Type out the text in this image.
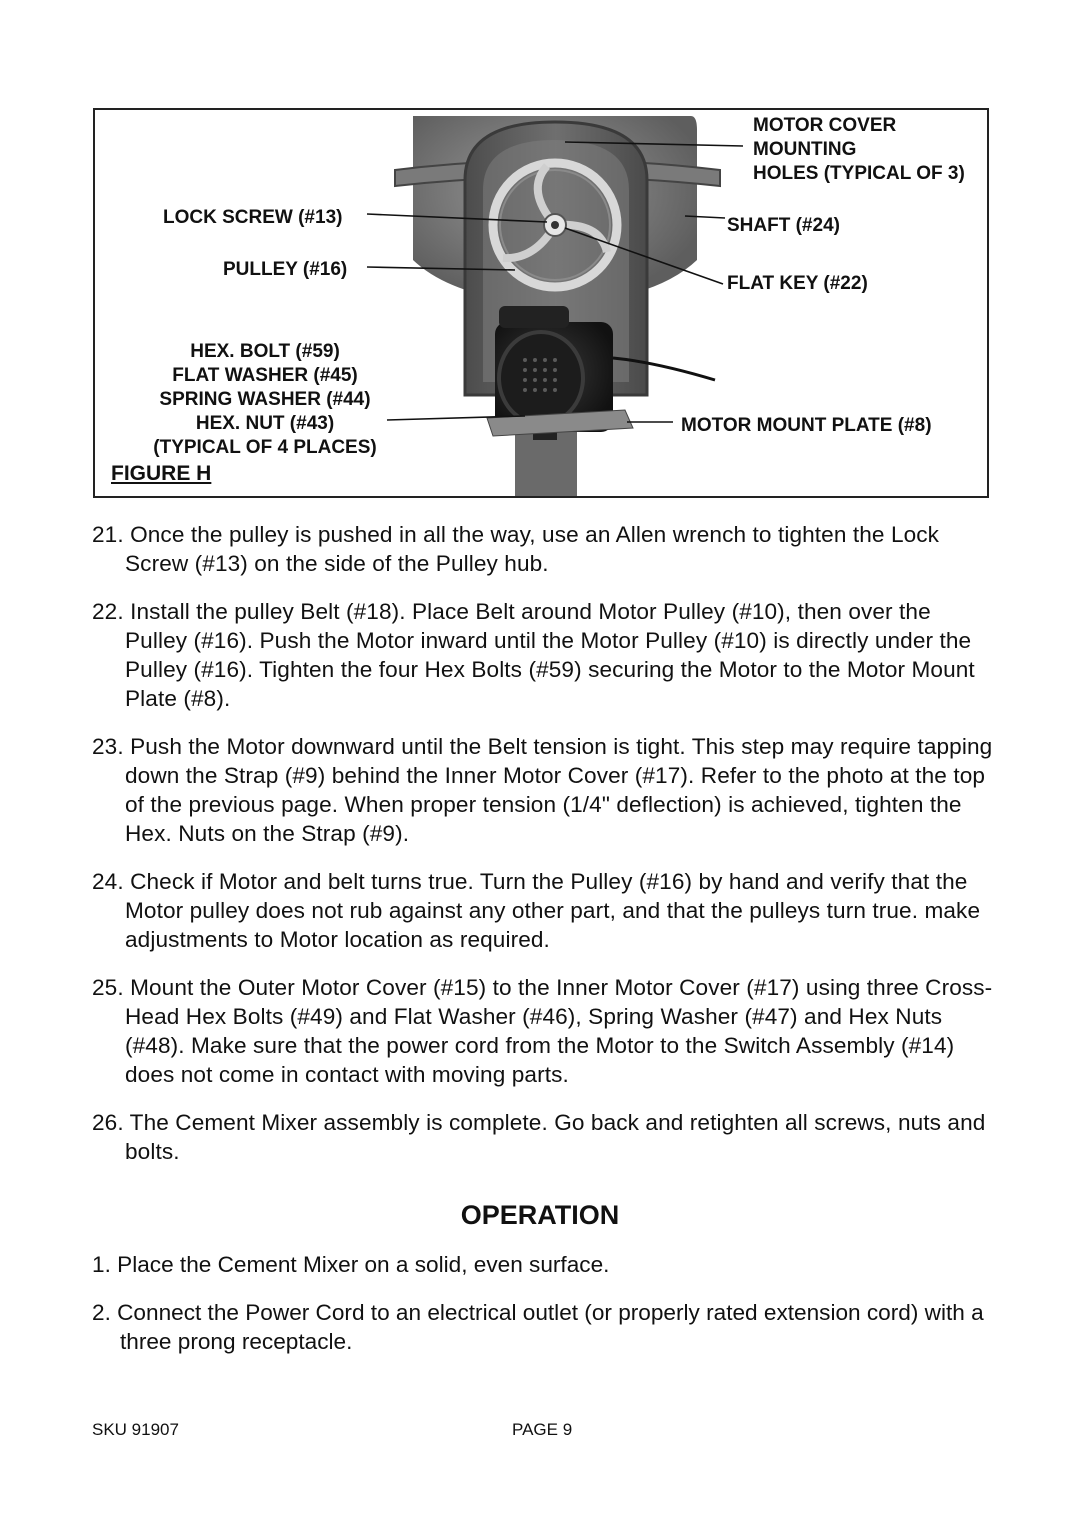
MOTOR COVER
MOUNTING
HOLES (TYPICAL OF 3)
LOCK SCREW (#13)	SHAFT (#24)
PULLEY (#16)
FLAT KEY (#22)
HEX. BOLT (#59)
FLAT WASHER (#45)
SPRING WASHER (#44)
HEX. NUT (#43)
(TYPICAL OF 4 PLACES)
MOTOR MOUNT PLATE (#8)
FIGURE H

21. Once the pulley is pushed in all the way, use an Allen wrench to tighten the Lock Screw (#13) on the side of the Pulley hub.

22. Install the pulley Belt (#18). Place Belt around Motor Pulley (#10), then over the Pulley (#16). Push the Motor inward until the Motor Pulley (#10) is directly under the Pulley (#16). Tighten the four Hex Bolts (#59) securing the Motor to the Motor Mount Plate (#8).

23. Push the Motor downward until the Belt tension is tight. This step may require tapping down the Strap (#9) behind the Inner Motor Cover (#17). Refer to the photo at the top of the previous page. When proper tension (1/4" deflection) is achieved, tighten the Hex. Nuts on the Strap (#9).

24. Check if Motor and belt turns true. Turn the Pulley (#16) by hand and verify that the Motor pulley does not rub against any other part, and that the pulleys turn true. make adjustments to Motor location as required.

25. Mount the Outer Motor Cover (#15) to the Inner Motor Cover (#17) using three Cross-Head Hex Bolts (#49) and Flat Washer (#46), Spring Washer (#47) and Hex Nuts (#48). Make sure that the power cord from the Motor to the Switch Assembly (#14) does not come in contact with moving parts.

26. The Cement Mixer assembly is complete. Go back and retighten all screws, nuts and bolts.

OPERATION

1. Place the Cement Mixer on a solid, even surface.

2. Connect the Power Cord to an electrical outlet (or properly rated extension cord) with a three prong receptacle.

SKU 91907	PAGE 9
